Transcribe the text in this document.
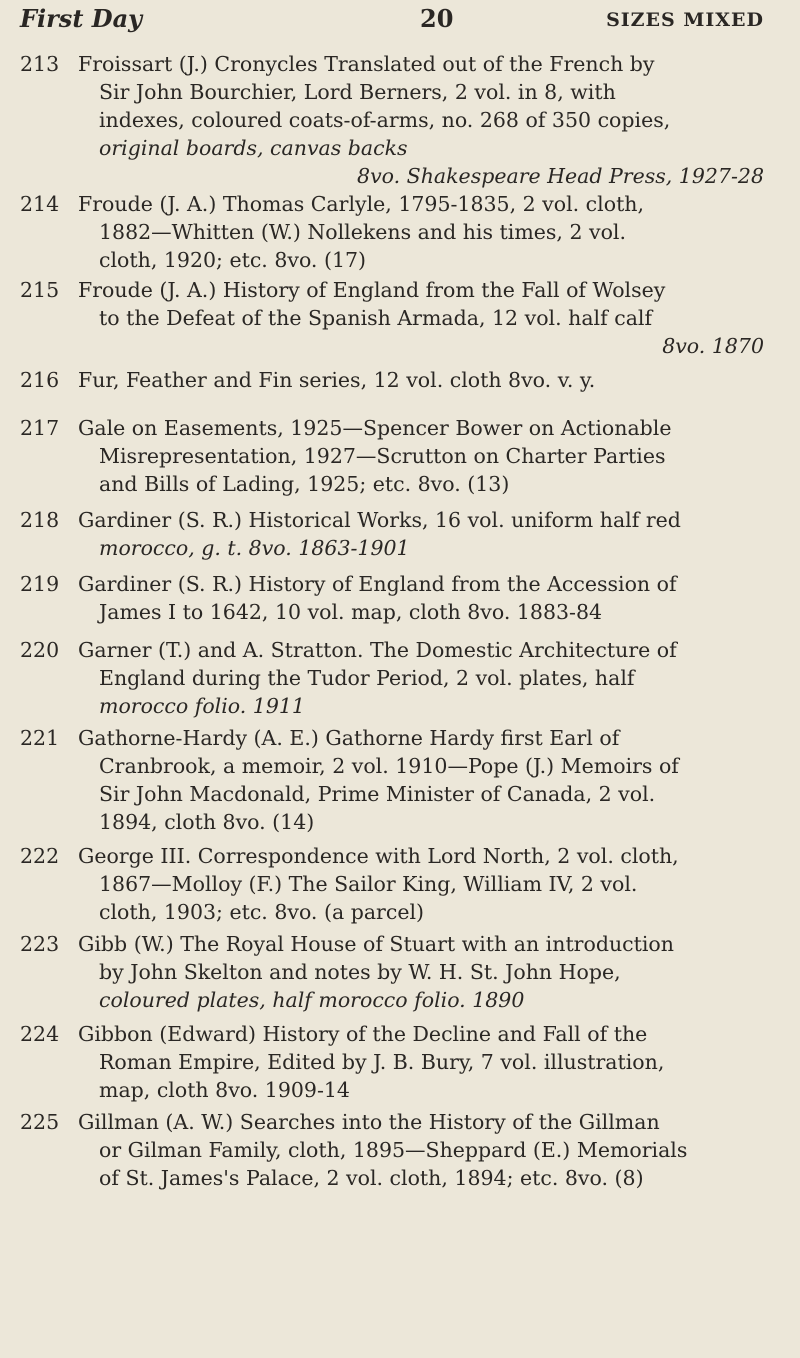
First Day	20	SIZES MIXED
213 Froissart (J.) Cronycles Translated out of the French by
Sir John Bourchier, Lord Berners, 2 vol. in 8, with
indexes, coloured coats-of-arms, no. 268 of 350 copies,
original boards, canvas backs
8vo. Shakespeare Head Press, 1927-28
214 Froude (J. A.) Thomas Carlyle, 1795-1835, 2 vol. cloth,
1882—Whitten (W.) Nollekens and his times, 2 vol.
cloth, 1920; etc. 8vo. (17)
215 Froude (J. A.) History of England from the Fall of Wolsey
to the Defeat of the Spanish Armada, 12 vol. half calf
8vo. 1870
216 Fur, Feather and Fin series, 12 vol. cloth 8vo. v. y.
217 Gale on Easements, 1925—Spencer Bower on Actionable
Misrepresentation, 1927—Scrutton on Charter Parties
and Bills of Lading, 1925; etc. 8vo. (13)
218 Gardiner (S. R.) Historical Works, 16 vol. uniform half red
morocco, g. t. 8vo. 1863-1901
219 Gardiner (S. R.) History of England from the Accession of
James I to 1642, 10 vol. map, cloth 8vo. 1883-84
220 Garner (T.) and A. Stratton. The Domestic Architecture of
England during the Tudor Period, 2 vol. plates, half
morocco folio. 1911
221 Gathorne-Hardy (A. E.) Gathorne Hardy first Earl of
Cranbrook, a memoir, 2 vol. 1910—Pope (J.) Memoirs of
Sir John Macdonald, Prime Minister of Canada, 2 vol.
1894, cloth 8vo. (14)
222 George III. Correspondence with Lord North, 2 vol. cloth,
1867—Molloy (F.) The Sailor King, William IV, 2 vol.
cloth, 1903; etc. 8vo. (a parcel)
223 Gibb (W.) The Royal House of Stuart with an introduction
by John Skelton and notes by W. H. St. John Hope,
coloured plates, half morocco folio. 1890
224 Gibbon (Edward) History of the Decline and Fall of the
Roman Empire, Edited by J. B. Bury, 7 vol. illustration,
map, cloth 8vo. 1909-14
225 Gillman (A. W.) Searches into the History of the Gillman
or Gilman Family, cloth, 1895—Sheppard (E.) Memorials
of St. James's Palace, 2 vol. cloth, 1894; etc. 8vo. (8)
